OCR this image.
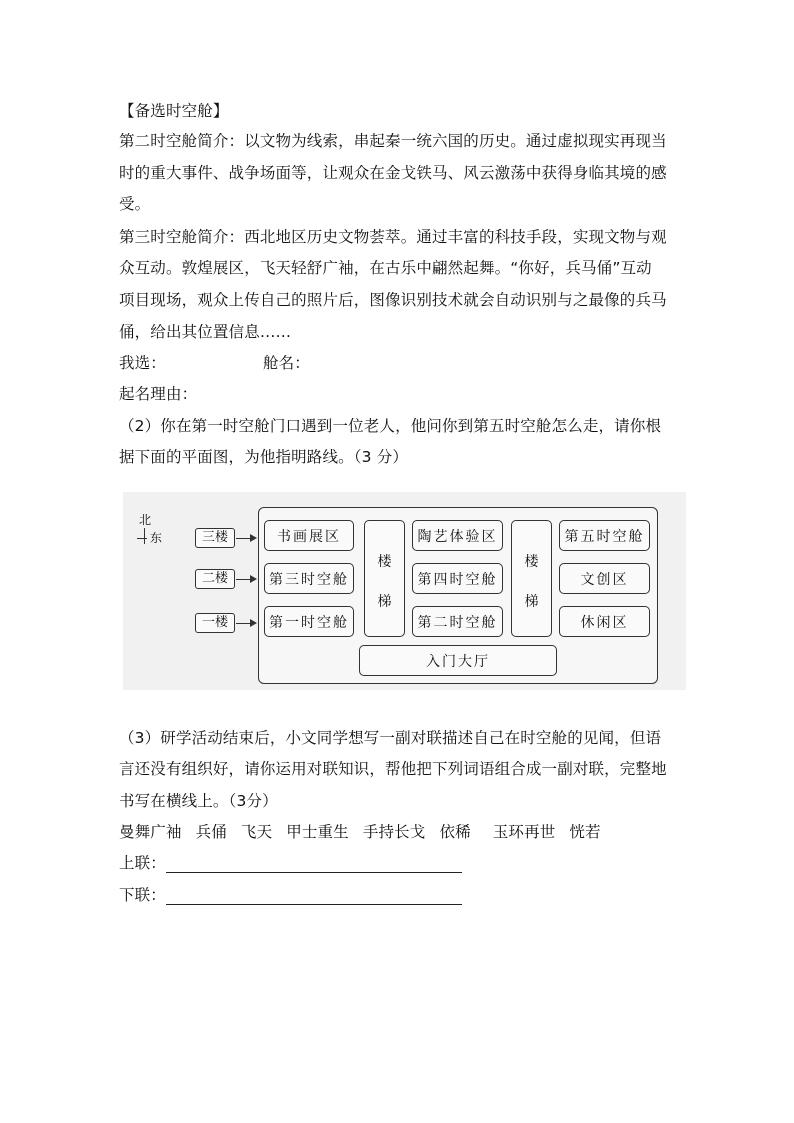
【备选时空舱】
第二时空舱简介：以文物为线索，串起秦一统六国的历史。通过虚拟现实再现当
时的重大事件、战争场面等，让观众在金戈铁马、风云激荡中获得身临其境的感
受。
第三时空舱简介：西北地区历史文物荟萃。通过丰富的科技手段，实现文物与观
众互动。敦煌展区，飞天轻舒广袖，在古乐中翩然起舞。“你好，兵马俑”互动
项目现场，观众上传自己的照片后，图像识别技术就会自动识别与之最像的兵马
俑，给出其位置信息……
我选：	舱名：
起名理由：
（2）你在第一时空舱门口遇到一位老人，他问你到第五时空舱怎么走，请你根
据下面的平面图，为他指明路线。（3 分）
北
东	三楼
二楼
一楼
书画展区
第三时空舱
第一时空舱
楼
梯
陶艺体验区
第四时空舱
第二时空舱
楼
梯
第五时空舱
文创区
休闲区
入门大厅
（3）研学活动结束后，小文同学想写一副对联描述自己在时空舱的见闻，但语
言还没有组织好，请你运用对联知识，帮他把下列词语组合成一副对联，完整地
书写在横线上。（3分）
曼舞广袖 兵俑 飞天 甲士重生 手持长戈 依稀 玉环再世 恍若
上联：
下联：
